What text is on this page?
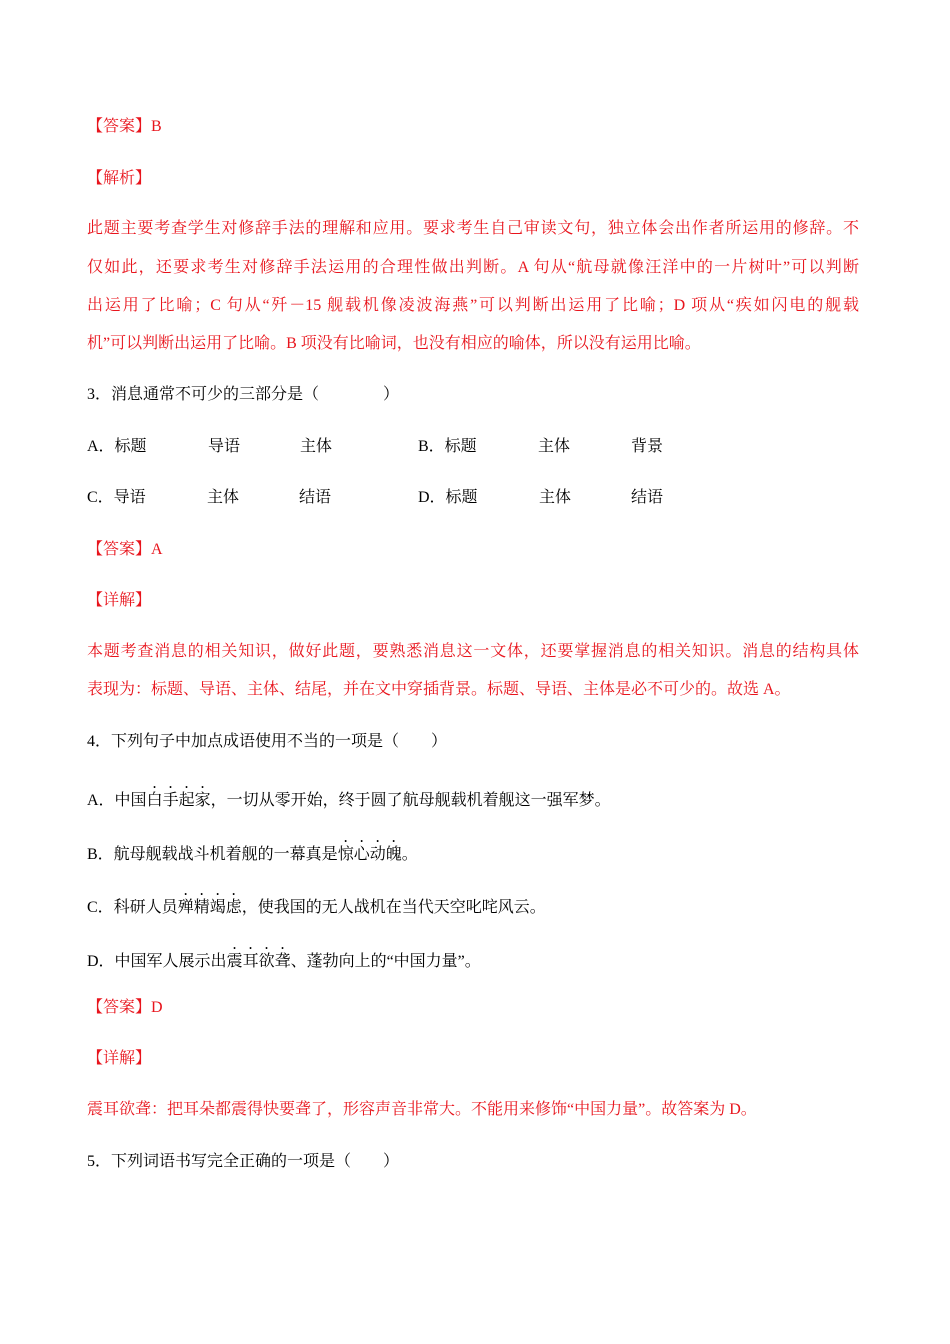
【答案】B
【解析】
此题主要考查学生对修辞手法的理解和应用。要求考生自己审读文句，独立体会出作者所运用的修辞。不
仅如此，还要求考生对修辞手法运用的合理性做出判断。A 句从“航母就像汪洋中的一片树叶”可以判断
出运用了比喻；C 句从“歼－15 舰载机像凌波海燕”可以判断出运用了比喻；D 项从“疾如闪电的舰载
机”可以判断出运用了比喻。B 项没有比喻词，也没有相应的喻体，所以没有运用比喻。
3．消息通常不可少的三部分是（　　　　）
A．标题	导语	主体	B．标题	主体	背景
C．导语	主体	结语	D．标题	主体	结语
【答案】A
【详解】
本题考查消息的相关知识，做好此题，要熟悉消息这一文体，还要掌握消息的相关知识。消息的结构具体
表现为：标题、导语、主体、结尾，并在文中穿插背景。标题、导语、主体是必不可少的。故选 A。
4．下列句子中加点成语使用不当的一项是（　　）
A．中国白手起家，一切从零开始，终于圆了航母舰载机着舰这一强军梦。
B．航母舰载战斗机着舰的一幕真是惊心动魄。
C．科研人员殚精竭虑，使我国的无人战机在当代天空叱咤风云。
D．中国军人展示出震耳欲聋、蓬勃向上的“中国力量”。
【答案】D
【详解】
震耳欲聋：把耳朵都震得快要聋了，形容声音非常大。不能用来修饰“中国力量”。故答案为 D。
5．下列词语书写完全正确的一项是（　　）
